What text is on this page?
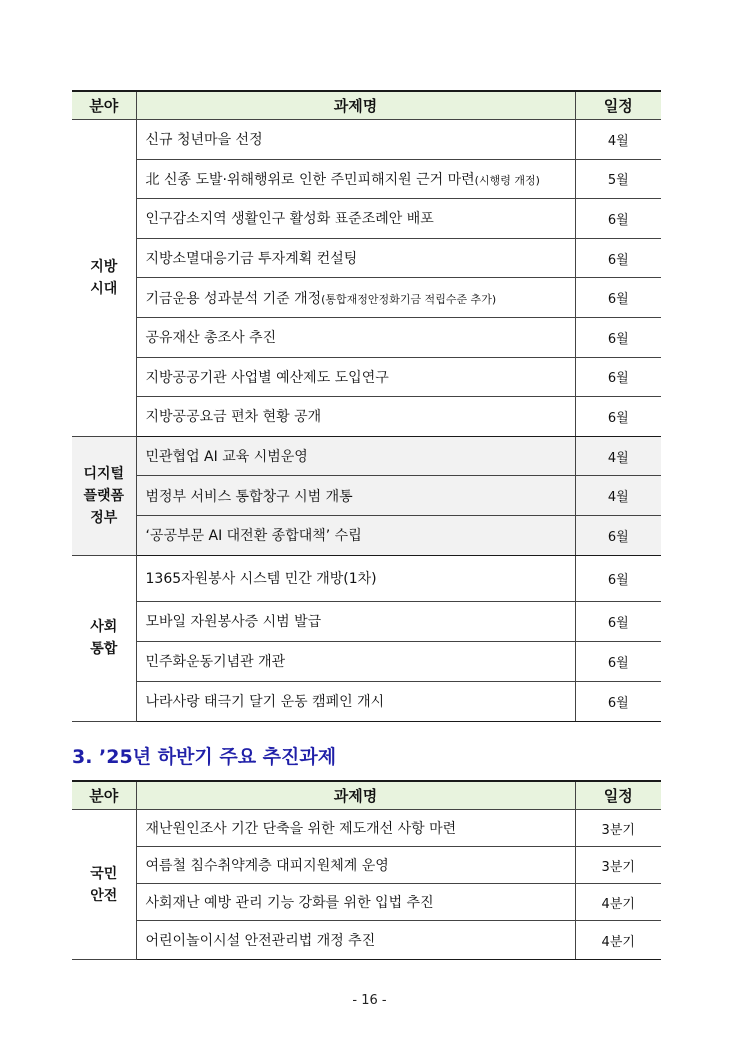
분야	과제명	일정

지방
시대	신규 청년마을 선정	4월
	北 신종 도발·위해행위로 인한 주민피해지원 근거 마련(시행령 개정)	5월
	인구감소지역 생활인구 활성화 표준조례안 배포	6월
	지방소멸대응기금 투자계획 컨설팅	6월
	기금운용 성과분석 기준 개정(통합재정안정화기금 적립수준 추가)	6월
	공유재산 총조사 추진	6월
	지방공공기관 사업별 예산제도 도입연구	6월
	지방공공요금 편차 현황 공개	6월

디지털
플랫폼
정부	민관협업 AI 교육 시범운영	4월
	범정부 서비스 통합창구 시범 개통	4월
	‘공공부문 AI 대전환 종합대책’ 수립	6월

사회
통합	1365자원봉사 시스템 민간 개방(1차)	6월
	모바일 자원봉사증 시범 발급	6월
	민주화운동기념관 개관	6월
	나라사랑 태극기 달기 운동 캠페인 개시	6월
3. ’25년 하반기 주요 추진과제
분야	과제명	일정

국민
안전	재난원인조사 기간 단축을 위한 제도개선 사항 마련	3분기
	여름철 침수취약계층 대피지원체계 운영	3분기
	사회재난 예방 관리 기능 강화를 위한 입법 추진	4분기
	어린이놀이시설 안전관리법 개정 추진	4분기
- 16 -
